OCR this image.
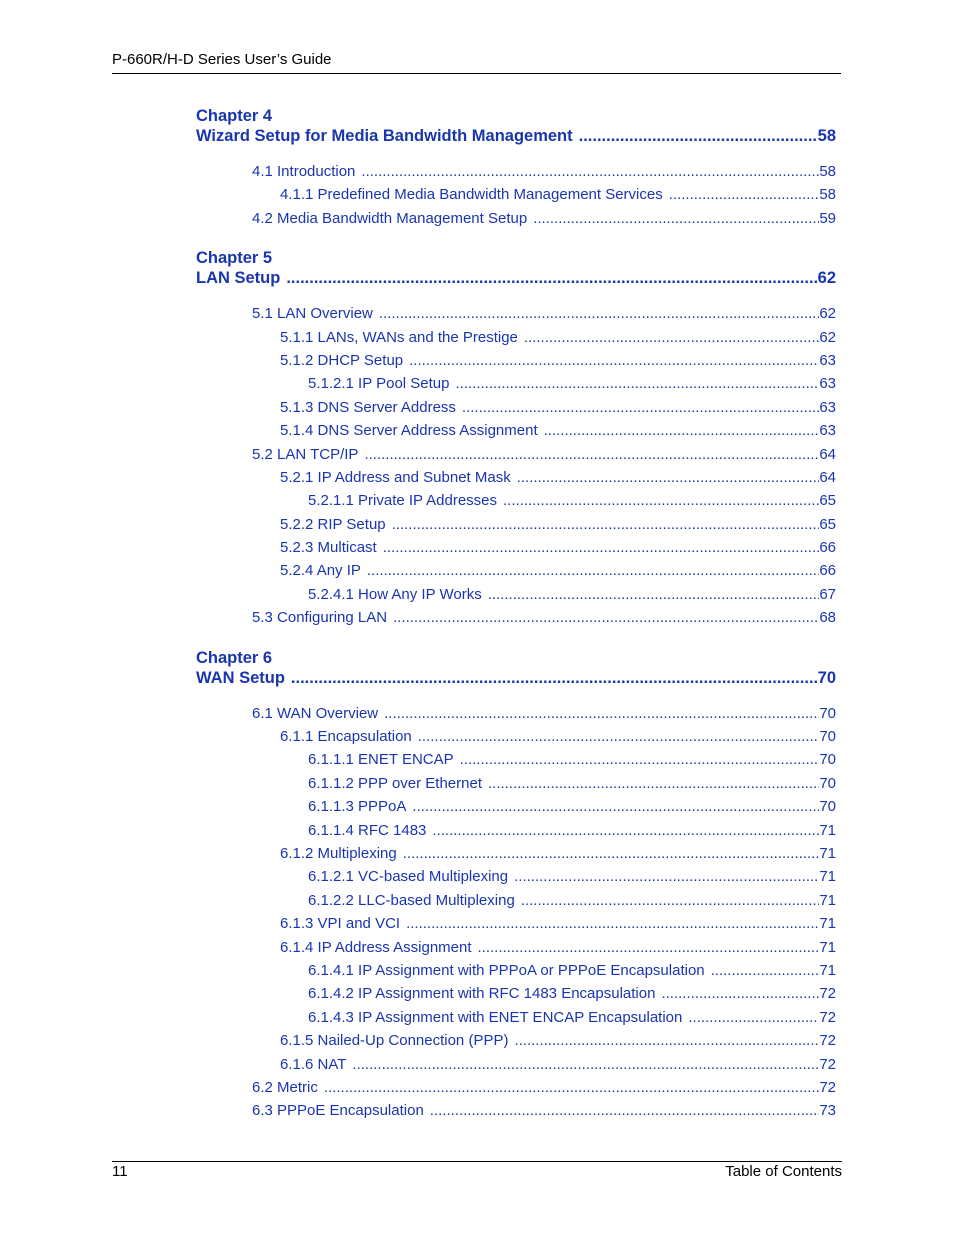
P-660R/H-D Series User’s Guide
Chapter 4
Wizard Setup for Media Bandwidth Management .....	58
4.1 Introduction .....	58
4.1.1 Predefined Media Bandwidth Management Services .....	58
4.2 Media Bandwidth Management Setup .....	59
Chapter 5
LAN Setup .....	62
5.1 LAN Overview .....	62
5.1.1 LANs, WANs and the Prestige .....	62
5.1.2 DHCP Setup .....	63
5.1.2.1 IP Pool Setup .....	63
5.1.3 DNS Server Address .....	63
5.1.4 DNS Server Address Assignment .....	63
5.2 LAN TCP/IP .....	64
5.2.1 IP Address and Subnet Mask .....	64
5.2.1.1 Private IP Addresses .....	65
5.2.2 RIP Setup .....	65
5.2.3 Multicast .....	66
5.2.4 Any IP .....	66
5.2.4.1 How Any IP Works .....	67
5.3 Configuring LAN .....	68
Chapter 6
WAN Setup .....	70
6.1 WAN Overview .....	70
6.1.1 Encapsulation .....	70
6.1.1.1 ENET ENCAP .....	70
6.1.1.2 PPP over Ethernet .....	70
6.1.1.3 PPPoA .....	70
6.1.1.4 RFC 1483 .....	71
6.1.2 Multiplexing .....	71
6.1.2.1 VC-based Multiplexing .....	71
6.1.2.2 LLC-based Multiplexing .....	71
6.1.3 VPI and VCI .....	71
6.1.4 IP Address Assignment .....	71
6.1.4.1 IP Assignment with PPPoA or PPPoE Encapsulation .....	71
6.1.4.2 IP Assignment with RFC 1483 Encapsulation .....	72
6.1.4.3 IP Assignment with ENET ENCAP Encapsulation .....	72
6.1.5 Nailed-Up Connection (PPP) .....	72
6.1.6 NAT .....	72
6.2 Metric .....	72
6.3 PPPoE Encapsulation .....	73
11	Table of Contents
